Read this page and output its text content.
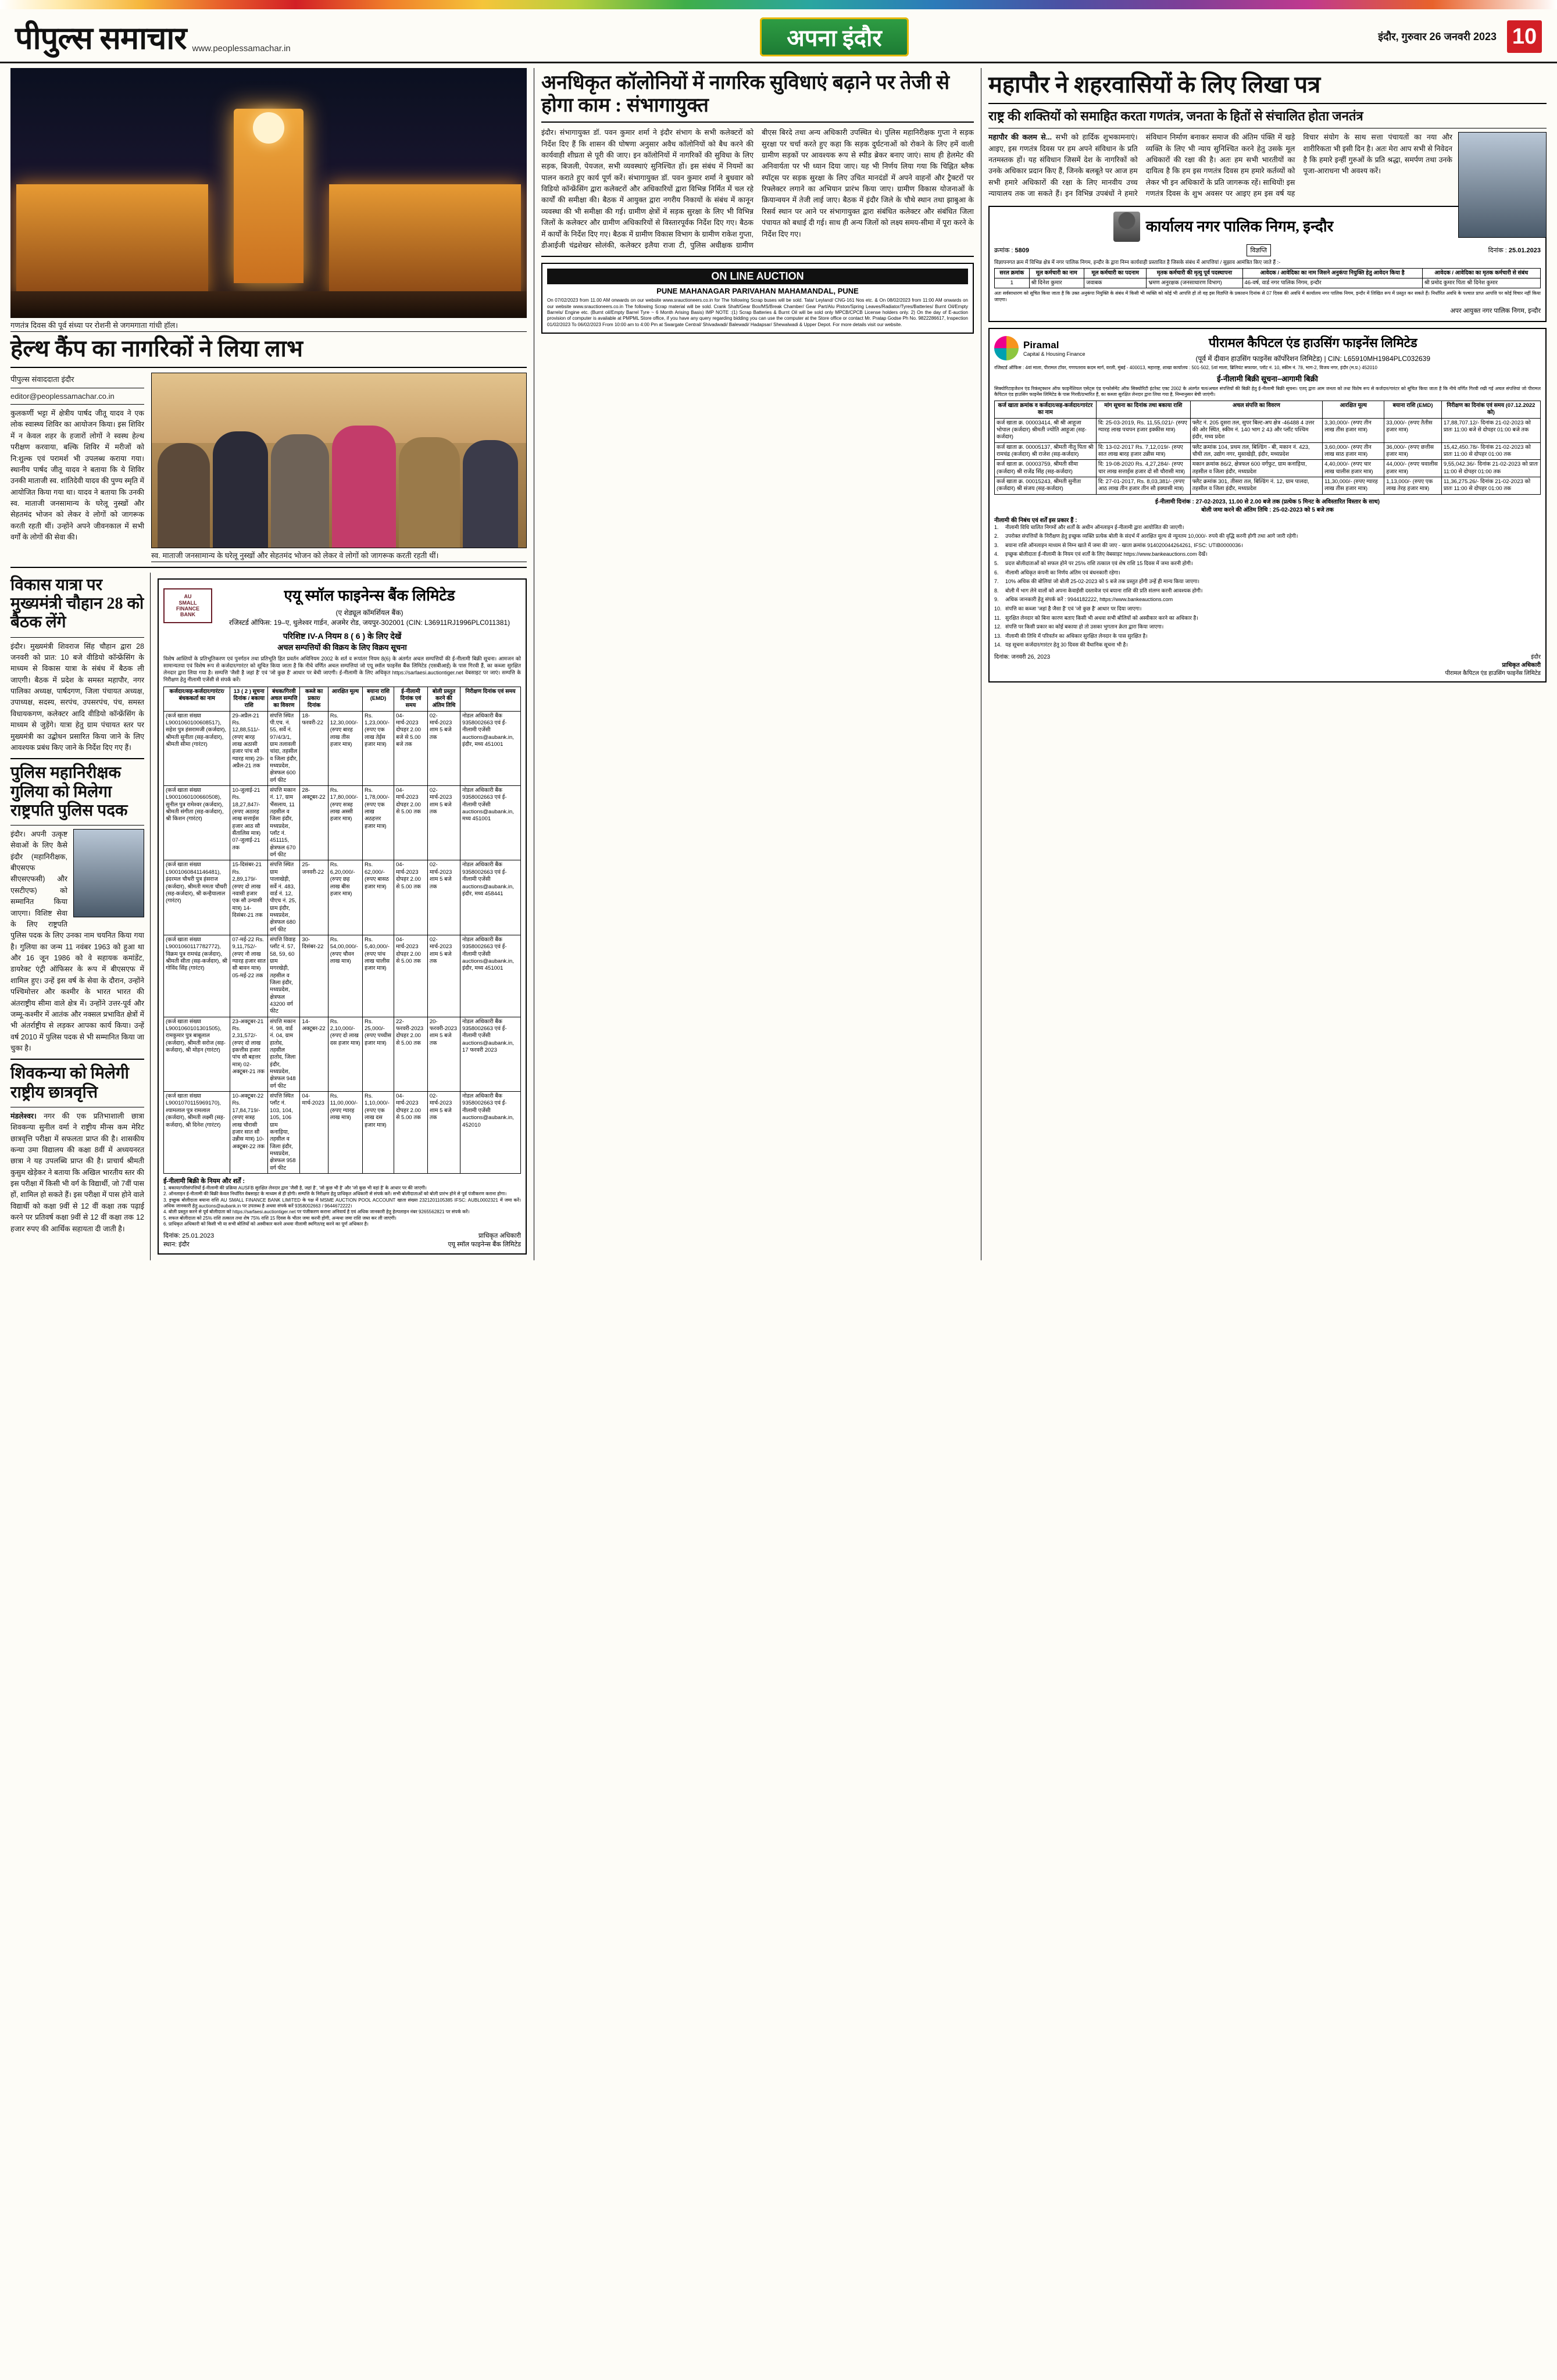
पीपुल्स समाचार www.peoplessamachar.in	अपना इंदौर	इंदौर, गुरुवार 26 जनवरी 2023 10
गणतंत्र दिवस की पूर्व संध्या पर रोशनी से जगमगाता गांधी हॉल।
हेल्थ कैंप का नागरिकों ने लिया लाभ
पीपुल्स संवाददाता इंदौर
editor@peoplessamachar.co.in
कुलकर्णी भट्टा में क्षेत्रीय पार्षद जीतू यादव ने एक लोक स्वास्थ्य शिविर का आयोजन किया। इस शिविर में न केवल शहर के हजारों लोगों ने स्वस्थ हेल्थ परीक्षण करवाया, बल्कि शिविर में मरीजों को नि:शुल्क एवं परामर्श भी उपलब्ध कराया गया। स्थानीय पार्षद जीतू यादव ने बताया कि ये शिविर उनकी माताजी स्व. शांतिदेवी यादव की पुण्य स्मृति में आयोजित किया गया था। यादव ने बताया कि उनकी स्व. माताजी जनसामान्य के घरेलू नुस्खों और सेहतमंद भोजन को लेकर वे लोगों को जागरूक करती रहती थीं। उन्होंने अपने जीवनकाल में सभी वर्गों के लोगों की सेवा की।
स्व. माताजी जनसामान्य के घरेलू नुस्खों और सेहतमंद भोजन को लेकर वे लोगों को जागरूक करती रहती थीं।
विकास यात्रा पर मुख्यमंत्री चौहान 28 को बैठक लेंगे
इंदौर। मुख्यमंत्री शिवराज सिंह चौहान द्वारा 28 जनवरी को प्रात: 10 बजे वीडियो कॉन्फ्रेंसिंग के माध्यम से विकास यात्रा के संबंध में बैठक ली जाएगी। बैठक में प्रदेश के समस्त महापौर, नगर पालिका अध्यक्ष, पार्षदगण, जिला पंचायत अध्यक्ष, उपाध्यक्ष, सदस्य, सरपंच, उपसरपंच, पंच, समस्त विधायकगण, कलेक्टर आदि वीडियो कॉन्फ्रेंसिंग के माध्यम से जुड़ेंगे। यात्रा हेतु ग्राम पंचायत स्तर पर मुख्यमंत्री का उद्बोधन प्रसारित किया जाने के लिए आवश्यक प्रबंध किए जाने के निर्देश दिए गए हैं।
पुलिस महानिरीक्षक गुलिया को मिलेगा राष्ट्रपति पुलिस पदक
इंदौर। अपनी उत्कृष्ट सेवाओं के लिए कैसे इंदौर (महानिरीक्षक, बीएसएफ सीएसएफसी) और एसटीएफ) को सम्मानित किया जाएगा। विशिष्ट सेवा के लिए राष्ट्रपति पुलिस पदक के लिए उनका नाम चयनित किया गया है। गुलिया का जन्म 11 नवंबर 1963 को हुआ था और 16 जून 1986 को वे सहायक कमांडेंट, डायरेक्ट एंट्री ऑफिसर के रूप में बीएसएफ में शामिल हुए। उन्हें इस वर्ष के सेवा के दौरान, उन्होंने पश्चिमोत्तर और कश्मीर के भारत भारत की अंतराष्ट्रीय सीमा वाले क्षेत्र में। उन्होंने उत्तर-पूर्व और जम्मू-कश्मीर में आतंक और नक्सल प्रभावित क्षेत्रों में भी अंतर्राष्ट्रीय से लड़कर आपका कार्य किया। उन्हें वर्ष 2010 में पुलिस पदक से भी सम्मानित किया जा चुका है।
शिवकन्या को मिलेगी राष्ट्रीय छात्रवृत्ति
मंडलेश्वर। नगर की एक प्रतिभाशाली छात्रा शिवकन्या सुनील वर्मा ने राष्ट्रीय मीन्स कम मेरिट छात्रवृत्ति परीक्षा में सफलता प्राप्त की है। शासकीय कन्या उमा विद्यालय की कक्षा 8वीं में अध्ययनरत छात्रा ने यह उपलब्धि प्राप्त की है। प्राचार्य श्रीमती कुसुम खेड़ेकर ने बताया कि अखिल भारतीय स्तर की इस परीक्षा में किसी भी वर्ग के विद्यार्थी, जो 7वीं पास हों, शामिल हो सकते हैं। इस परीक्षा में पास होने वाले विद्यार्थी को कक्षा 9वीं से 12 वीं कक्षा तक पढ़ाई करने पर प्रतिवर्ष कक्षा 9वीं से 12 वीं कक्षा तक 12 हजार रुपए की आर्थिक सहायता दी जाती है।
AU
SMALL
FINANCE
BANK
एयू स्मॉल फाइनेन्स बैंक लिमिटेड
(ए शेड्यूल कॉमर्शियल बैंक)
रजिस्टर्ड ऑफिस: 19–ए, धुलेश्वर गार्डन, अजमेर रोड, जयपुर-302001 (CIN: L36911RJ1996PLC011381)
परिशिष्ट IV-A नियम 8 ( 6 ) के लिए देखें
अचल सम्पत्तियों की विक्रय के लिए विक्रय सूचना
विशेष आस्तियों के प्रतिभूतिकरण एवं पुनर्गठन तथा प्रतिभूति हित प्रवर्तन अधिनियम 2002 के शर्त व रूपांतर नियम 8(6) के अंतर्गत अचल सम्पत्तियों की ई-नीलामी बिक्री सूचना। आमजन को सामान्यतया एवं विशेष रूप से कर्जदार/गारंटर को सूचित किया जाता है कि नीचे वर्णित अचल सम्पत्तियां जो एयू स्मॉल फाइनेंस बैंक लिमिटेड (एसबीआई) के पास गिरवी हैं, का कब्जा सुरक्षित लेनदार द्वारा लिया गया है। सम्पत्ति 'जैसी है जहां है' एवं 'जो कुछ है' आधार पर बेची जाएगी। ई-नीलामी के लिए अधिकृत https://sarfaesi.auctiontiger.net वेबसाइट पर जाएं। सम्पत्ति के निरीक्षण हेतु नीलामी एजेंसी से संपर्क करें।
कर्जदार/सह-कर्जदार/गारंटर/बंधककर्ता का नाम	13 ( 2 ) सूचना दिनांक / बकाया राशि	बंधक/गिरवी अचल सम्पत्ति का विवरण	कब्जे का प्रकार/दिनांक	आरक्षित मूल्य	बयाना राशि (EMD)	ई-नीलामी दिनांक एवं समय	बोली प्रस्तुत करने की अंतिम तिथि	निरीक्षण दिनांक एवं समय
(कर्ज खाता संख्या L9001060100608517), सहेश पुत्र हंसरामजी (कर्जदार), श्रीमती सुनीता (सह-कर्जदार), श्रीमती सीमा (गारंटर)	29-अप्रैल-21 Rs. 12,88,511/- (रुपए बारह लाख अठासी हजार पांच सौ ग्यारह मात्र) 29-अप्रैल-21 तक	संपत्ति स्थित पी.एच. नं. 55, सर्वे नं. 97/4/3/1, ग्राम तलावली चांदा, तहसील व जिला इंदौर, मध्यप्रदेश, क्षेत्रफल 600 वर्ग फीट	18-फरवरी-22	Rs. 12,30,000/- (रुपए बारह लाख तीस हजार मात्र)	Rs. 1,23,000/- (रुपए एक लाख तेईस हजार मात्र)	04-मार्च-2023 दोपहर 2.00 बजे से 5.00 बजे तक	02-मार्च-2023 शाम 5 बजे तक	नोडल अधिकारी बैंक 9358002663 एवं ई-नीलामी एजेंसी auctions@aubank.in, इंदौर, मध्य 451001
(कर्ज खाता संख्या L9001060100660508), सुनील पुत्र रामेश्वर (कर्जदार), श्रीमती संगीता (सह-कर्जदार), श्री किशन (गारंटर)	10-जुलाई-21 Rs. 18,27,847/- (रुपए अठारह लाख सत्ताईस हजार आठ सौ सैंतालिस मात्र) 07-जुलाई-21 तक	संपत्ति मकान नं. 17, ग्राम भैंसलाय, 11 तहसील व जिला इंदौर, मध्यप्रदेश, प्लॉट नं. 451115, क्षेत्रफल 670 वर्ग फीट	28-अक्टूबर-22	Rs. 17,80,000/- (रुपए सत्रह लाख अस्सी हजार मात्र)	Rs. 1,78,000/- (रुपए एक लाख अठहत्तर हजार मात्र)	04-मार्च-2023 दोपहर 2.00 से 5.00 तक	02-मार्च-2023 शाम 5 बजे तक	नोडल अधिकारी बैंक 9358002663 एवं ई-नीलामी एजेंसी auctions@aubank.in, मध्य 451001
(कर्ज खाता संख्या L9001060841146481), इंदरमल चौधरी पुत्र हंसराज (कर्जदार), श्रीमती ममता चौधरी (सह-कर्जदार), श्री कन्हैयालाल (गारंटर)	15-दिसंबर-21 Rs. 2,89,179/- (रुपए दो लाख नवासी हजार एक सौ उन्यासी मात्र) 14-दिसंबर-21 तक	संपत्ति स्थित ग्राम पालाखेड़ी, सर्वे नं. 483, वार्ड नं. 12, पीएच नं. 25, ग्राम इंदौर, मध्यप्रदेश, क्षेत्रफल 680 वर्ग फीट	25-जनवरी-22	Rs. 6,20,000/- (रुपए छह लाख बीस हजार मात्र)	Rs. 62,000/- (रुपए बासठ हजार मात्र)	04-मार्च-2023 दोपहर 2.00 से 5.00 तक	02-मार्च-2023 शाम 5 बजे तक	नोडल अधिकारी बैंक 9358002663 एवं ई-नीलामी एजेंसी auctions@aubank.in, इंदौर, मध्य 458441
(कर्ज खाता संख्या L9001060117782772), विक्रम पुत्र रामचंद्र (कर्जदार), श्रीमती सीता (सह-कर्जदार), श्री गोविंद सिंह (गारंटर)	07-मई-22 Rs. 9,11,752/- (रुपए नौ लाख ग्यारह हजार सात सौ बावन मात्र) 05-मई-22 तक	संपत्ति विवाह प्लॉट नं. 57, 58, 59, 60 ग्राम मगरखेड़ी, तहसील व जिला इंदौर, मध्यप्रदेश, क्षेत्रफल 43200 वर्ग फीट	30-दिसंबर-22	Rs. 54,00,000/- (रुपए चौवन लाख मात्र)	Rs. 5,40,000/- (रुपए पांच लाख चालीस हजार मात्र)	04-मार्च-2023 दोपहर 2.00 से 5.00 तक	02-मार्च-2023 शाम 5 बजे तक	नोडल अधिकारी बैंक 9358002663 एवं ई-नीलामी एजेंसी auctions@aubank.in, इंदौर, मध्य 451001
(कर्ज खाता संख्या L9001060101301505), रामकुमार पुत्र बाबूलाल (कर्जदार), श्रीमती सरोज (सह-कर्जदार), श्री मोहन (गारंटर)	23-अक्टूबर-21 Rs. 2,31,572/- (रुपए दो लाख इकत्तीस हजार पांच सौ बहत्तर मात्र) 02-अक्टूबर-21 तक	संपत्ति मकान नं. 98, वार्ड नं. 04, ग्राम हातोद, तहसील हातोद, जिला इंदौर, मध्यप्रदेश, क्षेत्रफल 948 वर्ग फीट	14-अक्टूबर-22	Rs. 2,10,000/- (रुपए दो लाख दस हजार मात्र)	Rs. 25,000/- (रुपए पच्चीस हजार मात्र)	22-फरवरी-2023 दोपहर 2.00 से 5.00 तक	20-फरवरी-2023 शाम 5 बजे तक	नोडल अधिकारी बैंक 9358002663 एवं ई-नीलामी एजेंसी auctions@aubank.in, 17 फरवरी 2023
(कर्ज खाता संख्या L9001070115969170), श्यामलाल पुत्र रामलाल (कर्जदार), श्रीमती लक्ष्मी (सह-कर्जदार), श्री दिनेश (गारंटर)	10-अक्टूबर-22 Rs. 17,84,719/- (रुपए सत्रह लाख चौरासी हजार सात सौ उन्नीस मात्र) 10-अक्टूबर-22 तक	संपत्ति स्थित प्लॉट नं. 103, 104, 105, 106 ग्राम कनाड़िया, तहसील व जिला इंदौर, मध्यप्रदेश, क्षेत्रफल 958 वर्ग फीट	04-मार्च-2023	Rs. 11,00,000/- (रुपए ग्यारह लाख मात्र)	Rs. 1,10,000/- (रुपए एक लाख दस हजार मात्र)	04-मार्च-2023 दोपहर 2.00 से 5.00 तक	02-मार्च-2023 शाम 5 बजे तक	नोडल अधिकारी बैंक 9358002663 एवं ई-नीलामी एजेंसी auctions@aubank.in, 452010
ई-नीलामी बिक्री के नियम और शर्तें :
1. बकाया/परिसंपत्तियों ई-नीलामी की प्रक्रिया AUSFB सुरक्षित लेनदार द्वारा 'जैसी है, जहां है', 'जो कुछ भी है' और 'जो कुछ भी वहां है' के आधार पर की जाएगी।
2. ऑनलाइन ई-नीलामी की बिक्री केवल निर्धारित वेबसाइट के माध्यम से ही होगी। सम्पत्ति के निरीक्षण हेतु प्राधिकृत अधिकारी से संपर्क करें। सभी बोलीदाताओं को बोली प्रारंभ होने से पूर्व पंजीकरण कराना होगा।
3. इच्छुक बोलीदाता बयाना राशि AU SMALL FINANCE BANK LIMITED के पक्ष में MSME AUCTION POOL ACCOUNT खाता संख्या 2321201105385 IFSC: AUBL0002321 में जमा करें। अधिक जानकारी हेतु auctions@aubank.in पर उपलब्ध है अथवा संपर्क करें 9358002663 / 9644672222।
4. बोली प्रस्तुत करने से पूर्व बोलीदाता को https://sarfaesi.auctiontiger.net पर पंजीकरण कराना अनिवार्य है एवं अधिक जानकारी हेतु हेल्पलाइन नंबर 9265562821 पर संपर्क करें।
5. सफल बोलीदाता को 25% राशि तत्काल तथा शेष 75% राशि 15 दिवस के भीतर जमा करनी होगी, अन्यथा जमा राशि जब्त कर ली जाएगी।
6. प्राधिकृत अधिकारी को किसी भी या सभी बोलियों को अस्वीकार करने अथवा नीलामी स्थगित/रद्द करने का पूर्ण अधिकार है।
दिनांक: 25.01.2023
स्थान: इंदौर
प्राधिकृत अधिकारी
एयू स्मॉल फाइनेन्स बैंक लिमिटेड
अनधिकृत कॉलोनियों में नागरिक सुविधाएं बढ़ाने पर तेजी से होगा काम : संभागायुक्त
इंदौर। संभागायुक्त डॉ. पवन कुमार शर्मा ने इंदौर संभाग के सभी कलेक्टरों को निर्देश दिए हैं कि शासन की घोषणा अनुसार अवैध कॉलोनियों को बैध करने की कार्यवाही शीघ्रता से पूरी की जाए। इन कॉलोनियों में नागरिकों की सुविधा के लिए सड़क, बिजली, पेयजल, सभी व्यवस्थाएं सुनिश्चित हों। इस संबंध में नियमों का पालन कराते हुए कार्य पूर्ण करें। संभागायुक्त डॉ. पवन कुमार शर्मा ने बुधवार को विडियो कॉन्फ्रेंसिंग द्वारा कलेक्टरों और अधिकारियों द्वारा विभिन्न निर्मित में चल रहे कार्यों की समीक्षा की। बैठक में आयुक्त द्वारा नगरीय निकायों के संबंध में कानून व्यवस्था की भी समीक्षा की गई। ग्रामीण क्षेत्रों में सड़क सुरक्षा के लिए भी विभिन्न जिलों के कलेक्टर और ग्रामीण अधिकारियों से विस्तारपूर्वक निर्देश दिए गए। बैठक में कार्यों के निर्देश दिए गए। बैठक में ग्रामीण विकास विभाग के ग्रामीण राकेश गुप्ता, डीआईजी चंद्रशेखर सोलंकी, कलेक्टर इलैया राजा टी, पुलिस अधीक्षक ग्रामीण बीएस बिरदे तथा अन्य अधिकारी उपस्थित थे। पुलिस महानिरीक्षक गुप्ता ने सड़क सुरक्षा पर चर्चा करते हुए कहा कि सड़क दुर्घटनाओं को रोकने के लिए हमें वाली ग्रामीण सड़कों पर आवश्यक रूप से स्पीड ब्रेकर बनाए जाएं। साथ ही हेलमेट की अनिवार्यता पर भी ध्यान दिया जाए। यह भी निर्णय लिया गया कि चिह्नित ब्लैक स्पॉट्स पर सड़क सुरक्षा के लिए उचित मानदंडों में अपने वाहनों और ट्रैक्टरों पर रिफ्लेक्टर लगाने का अभियान प्रारंभ किया जाए। ग्रामीण विकास योजनाओं के क्रियान्वयन में तेजी लाई जाए। बैठक में इंदौर जिले के चौथे स्थान तथा झाबुआ के रिसर्व स्थान पर आने पर संभागायुक्त द्वारा संबंधित कलेक्टर और संबंधित जिला पंचायत को बधाई दी गई। साथ ही अन्य जिलों को लक्ष्य समय-सीमा में पूरा करने के निर्देश दिए गए।
ON LINE AUCTION
PUNE MAHANAGAR PARIVAHAN MAHAMANDAL, PUNE
On 07/02/2023 from 11.00 AM onwards on our website www.srauctioneers.co.in for The following Scrap buses will be sold. Tata/ Leyland/ CNG-161 Nos etc. & On 08/02/2023 from 11:00 AM onwards on our website www.srauctioneers.co.in The following Scrap material will be sold. Crank Shaft/Gear Box/MS/Break Chamber/ Gear Part/Alu Piston/Spring Leaves/Radiator/Tyres/Batteries/ Burnt Oil/Empty Barrels/ Engine etc. (Burnt oil/Empty Barrel Tyre ~ 6 Month Arising Basis) IMP NOTE :(1) Scrap Batteries & Burnt Oil will be sold only MPCB/CPCB License holders only. 2) On the day of E-auction provision of computer is available at PMPML Store office, if you have any query regarding bidding you can use the computer at the Store office or contact Mr. Pratap Godse Ph No. 9822286617, Inspection 01/02/2023 To 06/02/2023 From 10:00 am to 4:00 Pm at Swargate Central/ Shivadwadi/ Balewadi/ Hadapsar/ Shewalwadi & Upper Depot. For more details visit our website.
महापौर ने शहरवासियों के लिए लिखा पत्र
राष्ट्र की शक्तियों को समाहित करता गणतंत्र, जनता के हितों से संचालित होता जनतंत्र
महापौर की कलम से... सभी को हार्दिक शुभकामनाएं। आइए, इस गणतंत्र दिवस पर हम अपने संविधान के प्रति नतमस्तक हों। यह संविधान जिसमें देश के नागरिकों को उनके अधिकार प्रदान किए हैं, जिनके बलबूते पर आज हम सभी हमारे अधिकारों की रक्षा के लिए मानवीय उच्च न्यायालय तक जा सकते हैं। इन विभिन्न उपबंधों ने हमारे संविधान निर्माण बनाकर समाज की अंतिम पंक्ति में खड़े व्यक्ति के लिए भी न्याय सुनिश्चित करने हेतु उसके मूल अधिकारों की रक्षा की है। अतः हम सभी भारतीयों का दायित्व है कि हम इस गणतंत्र दिवस हम हमारे कर्तव्यों को लेकर भी इन अधिकारों के प्रति जागरूक रहें। साथियों! इस गणतंत्र दिवस के शुभ अवसर पर आइए हम इस वर्ष यह विचार संयोग के साथ सत्ता पंचायतों का नया और शारीरिकता भी इसी दिन है। अतः मेरा आप सभी से निवेदन है कि हमारे इन्हीं गुरुओं के प्रति श्रद्धा, समर्पण तथा उनके पूजा-आराधना भी अवश्य करें।
कार्यालय नगर पालिक निगम, इन्दौर
क्रमांक : 5809	विज्ञप्ति	दिनांक : 25.01.2023
विज्ञापनगत क्रम में विभिन्न क्षेत्र में नगर पालिक निगम, इन्दौर के द्वारा निम्न कार्यवाही प्रस्तावित है जिसके संबंध में आपत्तियां / सुझाव आमंत्रित किए जाते हैं :-
सरल क्रमांक	मूल कर्मचारी का नाम	मूल कर्मचारी का पदनाम	मृतक कर्मचारी की मृत्यु पूर्व पदस्थापना	आवेदक / आवेदिका का नाम जिसने अनुकंपा नियुक्ति हेतु आवेदन किया है	आवेदक / आवेदिका का मृतक कर्मचारी से संबंध
1	श्री दिनेश कुमार	जवाबक	भ्रमण अनुरक्षक (जनसाधारण विभाग)	46-वर्ष, वार्ड नगर पालिक निगम, इन्दौर	श्री प्रमोद कुमार पिता श्री दिनेश कुमार
अतः सर्वसाधारण को सूचित किया जाता है कि उक्त अनुकंपा नियुक्ति के संबंध में किसी भी व्यक्ति को कोई भी आपत्ति हो तो वह इस विज्ञप्ति के प्रकाशन दिनांक से 07 दिवस की अवधि में कार्यालय नगर पालिक निगम, इन्दौर में लिखित रूप में प्रस्तुत कर सकते हैं। निर्धारित अवधि के पश्चात प्राप्त आपत्ति पर कोई विचार नहीं किया जाएगा।
अपर आयुक्त नगर पालिक निगम, इन्दौर
Piramal
Capital & Housing Finance
पीरामल कैपिटल एंड हाउसिंग फाइनेंस लिमिटेड
(पूर्व में दीवान हाउसिंग फाइनेंस कॉर्पोरेशन लिमिटेड) | CIN: L65910MH1984PLC032639
रजिस्टर्ड ऑफिस : 4वां माला, पीरामल टॉवर, गणपतराव कदम मार्ग, वरली, मुंबई - 400013, महाराष्ट्र, शाखा कार्यालय : 501-502, 5वां माला, ब्रिलियंट सफायर, प्लॉट नं. 10, स्कीम नं. 78, भाग-2, विजय नगर, इंदौर (म.प्र.) 452010
ई-नीलामी बिक्री सूचना–आगामी बिक्री
सिक्योरिटाइजेशन एंड रिकंस्ट्रक्शन ऑफ फाइनेंशियल एसेट्स एंड एन्फोर्समेंट ऑफ सिक्योरिटी इंटरेस्ट एक्ट 2002 के अंतर्गत चल/अचल संपत्तियों की बिक्री हेतु ई-नीलामी बिक्री सूचना। एतद् द्वारा आम जनता को तथा विशेष रूप से कर्जदार/गारंटर को सूचित किया जाता है कि नीचे वर्णित गिरवी रखी गई अचल संपत्तियां जो पीरामल कैपिटल एंड हाउसिंग फाइनेंस लिमिटेड के पास गिरवी/प्रभारित हैं, का कब्जा सुरक्षित लेनदार द्वारा लिया गया है, निम्नानुसार बेची जाएंगी।
कर्ज खाता क्रमांक व कर्जदार/सह-कर्जदार/गारंटर का नाम	मांग सूचना का दिनांक तथा बकाया राशि	अचल संपत्ति का विवरण	आरक्षित मूल्य	बयाना राशि (EMD)	निरीक्षण का दिनांक एवं समय (07.12.2022 को)
कर्ज खाता क्र. 00003414, श्री श्री आहूजा भोपाल (कर्जदार) श्रीमती ज्योति आहूजा (सह-कर्जदार)	दि: 25-03-2019, Rs. 11,55,021/- (रुपए ग्यारह लाख पचपन हजार इक्कीस मात्र)	फ्लैट नं. 205 दूसरा तल, सुपर बिल्ट-अप क्षेत्र -46488 4 उत्तर की ओर स्थित, स्कीम नं. 140 भाग 2 43 और प्लॉट पश्चिम इंदौर, मध्य प्रदेश	3,30,000/- (रुपए तीन लाख तीस हजार मात्र)	33,000/- (रुपए तैतीस हजार मात्र)	17,88,707.12/- दिनांक 21-02-2023 को प्रातः 11:00 बजे से दोपहर 01:00 बजे तक
कर्ज खाता क्र. 00005137, श्रीमती नीतू पिता श्री रामचंद्र (कर्जदार) श्री राजेश (सह-कर्जदार)	दि: 13-02-2017 Rs. 7,12,019/- (रुपए सात लाख बारह हजार उन्नीस मात्र)	फ्लैट क्रमांक 104, प्रथम तल, बिल्डिंग - बी, मकान नं. 423, चौथी तल, उद्योग नगर, मुसाखेड़ी, इंदौर, मध्यप्रदेश	3,60,000/- (रुपए तीन लाख साठ हजार मात्र)	36,000/- (रुपए छत्तीस हजार मात्र)	15,42,450.78/- दिनांक 21-02-2023 को प्रातः 11:00 से दोपहर 01:00 तक
कर्ज खाता क्र. 00003759, श्रीमती सीमा (कर्जदार) श्री राजेंद्र सिंह (सह-कर्जदार)	दि: 19-08-2020 Rs. 4,27,284/- (रुपए चार लाख सत्ताईस हजार दो सौ चौरासी मात्र)	मकान क्रमांक 86/2, क्षेत्रफल 600 वर्गफुट, ग्राम कनाड़िया, तहसील व जिला इंदौर, मध्यप्रदेश	4,40,000/- (रुपए चार लाख चालीस हजार मात्र)	44,000/- (रुपए चवालीस हजार मात्र)	9,55,042.36/- दिनांक 21-02-2023 को प्रातः 11:00 से दोपहर 01:00 तक
कर्ज खाता क्र. 00015243, श्रीमती सुनीता (कर्जदार) श्री संजय (सह-कर्जदार)	दि: 27-01-2017, Rs. 8,03,381/- (रुपए आठ लाख तीन हजार तीन सौ इक्यासी मात्र)	फ्लैट क्रमांक 301, तीसरा तल, बिल्डिंग नं. 12, ग्राम पालदा, तहसील व जिला इंदौर, मध्यप्रदेश	11,30,000/- (रुपए ग्यारह लाख तीस हजार मात्र)	1,13,000/- (रुपए एक लाख तेरह हजार मात्र)	11,36,275.26/- दिनांक 21-02-2023 को प्रातः 11:00 से दोपहर 01:00 तक
ई-नीलामी दिनांक : 27-02-2023, 11.00 से 2.00 बजे तक (प्रत्येक 5 मिनट के अविस्तारित विस्तार के साथ)
बोली जमा करने की अंतिम तिथि : 25-02-2023 को 5 बजे तक
नीलामी की निबंध एवं शर्तें इस प्रकार हैं :
1.	नीलामी विधि चालित निगमों और शर्तों के अधीन ऑनलाइन ई-नीलामी द्वारा आयोजित की जाएगी।
2.	उपरोक्त संपत्तियों के निरीक्षण हेतु इच्छुक व्यक्ति प्रत्येक बोली के संदर्भ में आरक्षित मूल्य से न्यूनतम 10,000/- रुपये की वृद्धि करनी होगी तथा आगे जारी रहेगी।
3.	बयाना राशि ऑनलाइन माध्यम से निम्न खाते में जमा की जाए - खाता क्रमांक 914020044264261, IFSC: UTIB0000036।
4.	इच्छुक बोलीदाता ई-नीलामी के नियम एवं शर्तों के लिए वेबसाइट https://www.bankeauctions.com देखें।
5.	प्रदत्त बोलीदाताओं को सफल होने पर 25% राशि तत्काल एवं शेष राशि 15 दिवस में जमा करनी होगी।
6.	नीलामी अधिकृत कंपनी का निर्णय अंतिम एवं बंधनकारी रहेगा।
7.	10% अधिक की बोलियां जो बोली 25-02-2023 को 5 बजे तक प्रस्तुत होंगी उन्हें ही मान्य किया जाएगा।
8.	बोली में भाग लेने वालों को अपना केवाईसी दस्तावेज एवं बयाना राशि की प्रति संलग्न करनी आवश्यक होगी।
9.	अधिक जानकारी हेतु संपर्क करें : 9944182222, https://www.bankeauctions.com
10. संपत्ति का कब्जा 'जहां है जैसा है' एवं 'जो कुछ है' आधार पर दिया जाएगा।
11. सुरक्षित लेनदार को बिना कारण बताए किसी भी अथवा सभी बोलियों को अस्वीकार करने का अधिकार है।
12. संपत्ति पर किसी प्रकार का कोई बकाया हो तो उसका भुगतान क्रेता द्वारा किया जाएगा।
13. नीलामी की तिथि में परिवर्तन का अधिकार सुरक्षित लेनदार के पास सुरक्षित है।
14. यह सूचना कर्जदार/गारंटर हेतु 30 दिवस की वैधानिक सूचना भी है।
दिनांक: जनवरी 26, 2023	इंदौर
प्राधिकृत अधिकारी
पीरामल कैपिटल एंड हाउसिंग फाइनेंस लिमिटेड
